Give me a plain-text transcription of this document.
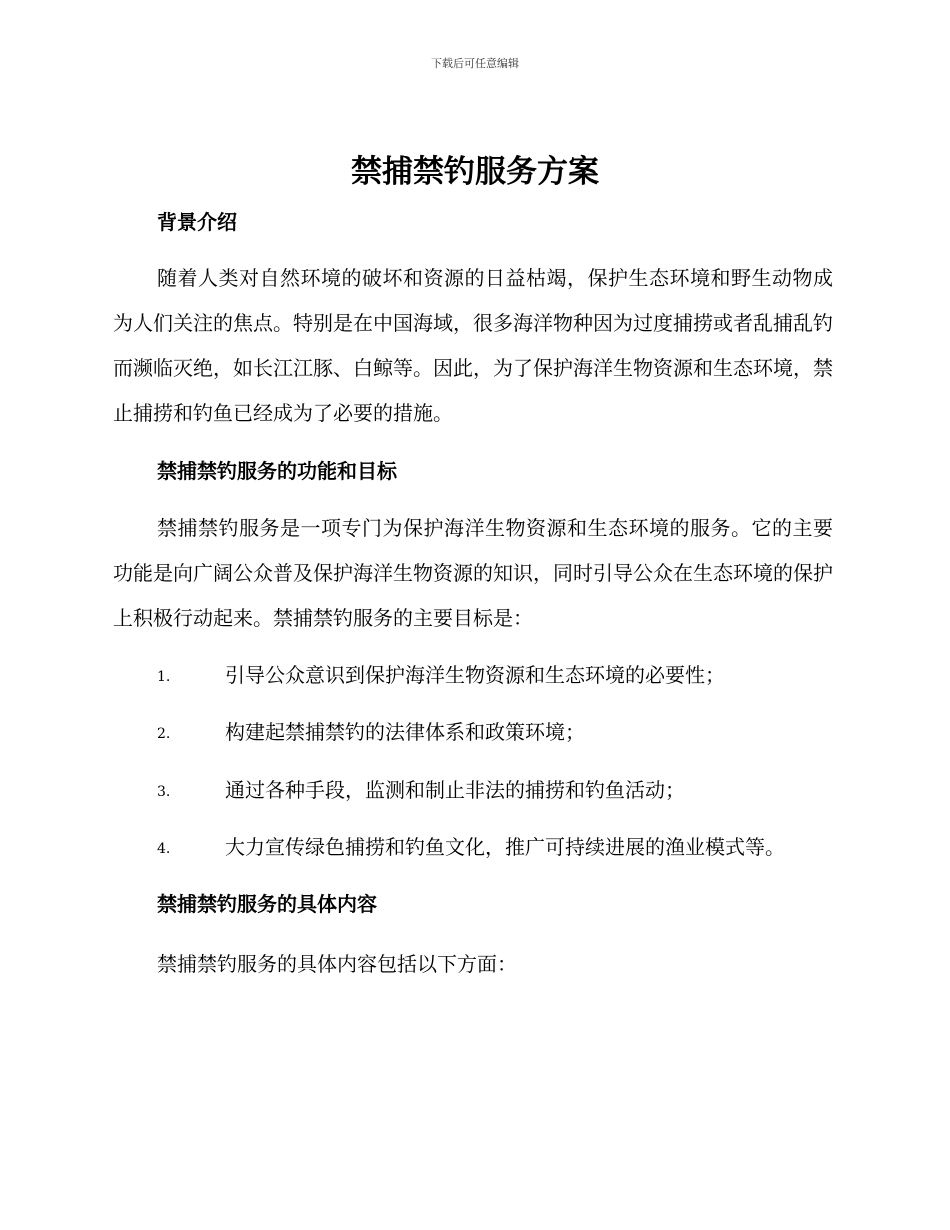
下载后可任意编辑
禁捕禁钓服务方案
背景介绍

随着人类对自然环境的破坏和资源的日益枯竭，保护生态环境和野生动物成为人们关注的焦点。特别是在中国海域，很多海洋物种因为过度捕捞或者乱捕乱钓而濒临灭绝，如长江江豚、白鲸等。因此，为了保护海洋生物资源和生态环境，禁止捕捞和钓鱼已经成为了必要的措施。

禁捕禁钓服务的功能和目标

禁捕禁钓服务是一项专门为保护海洋生物资源和生态环境的服务。它的主要功能是向广阔公众普及保护海洋生物资源的知识，同时引导公众在生态环境的保护上积极行动起来。禁捕禁钓服务的主要目标是：

1.	引导公众意识到保护海洋生物资源和生态环境的必要性；
2.	构建起禁捕禁钓的法律体系和政策环境；
3.	通过各种手段，监测和制止非法的捕捞和钓鱼活动；
4.	大力宣传绿色捕捞和钓鱼文化，推广可持续进展的渔业模式等。
禁捕禁钓服务的具体内容

禁捕禁钓服务的具体内容包括以下方面：
